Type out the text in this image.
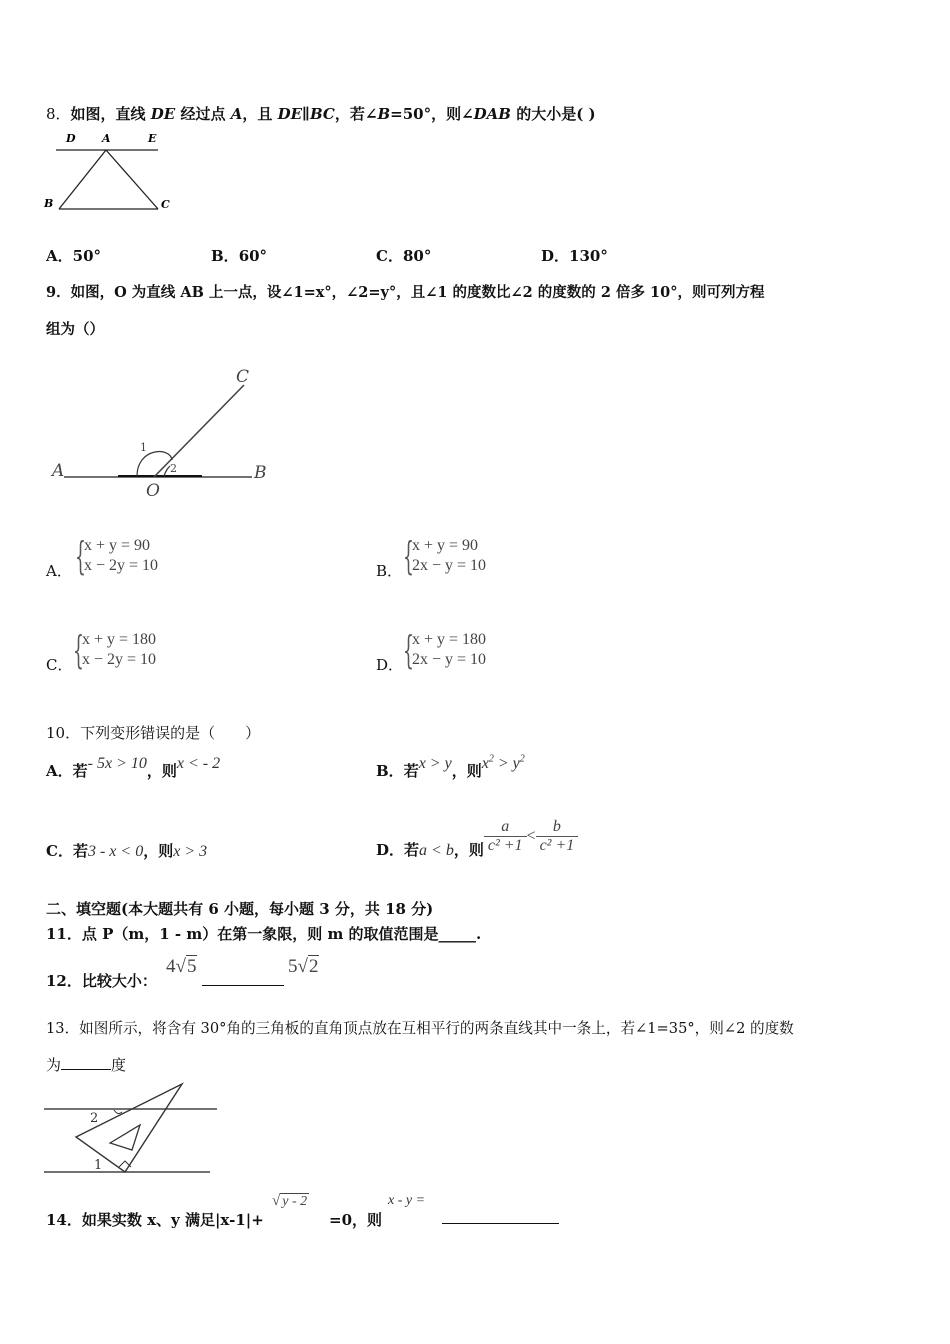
8．如图，直线 DE 经过点 A，且 DE∥BC，若∠B=50°，则∠DAB 的大小是( )
D A	E
B	C
A．50°	B．60°	C．80°	D．130°
9．如图，O 为直线 AB 上一点，设∠1=x°，∠2=y°，且∠1 的度数比∠2 的度数的 2 倍多 10°，则可列方程
组为（）
A	B
C
O
1
2
A． {
x + y = 90
x − 2y = 10	B． {
x + y = 90
2x − y = 10
C． {
x + y = 180
x − 2y = 10	D． {
x + y = 180
2x − y = 10
10．下列变形错误的是（　　）
A．若- 5x > 10，则x < - 2	B．若x > y，则$x^2 > y^2$
C．若3 - x < 0，则x > 3	D．若a < b，则 $\frac{a}{\text{c² +1}} < \frac{b}{\text{c² +1}}$
二、填空题(本大题共有 6 小题，每小题 3 分，共 18 分)
11．点 P（m，1 - m）在第一象限，则 m 的取值范围是_____.
12．比较大小：
4√5	5√2
13．如图所示，将含有 30°角的三角板的直角顶点放在互相平行的两条直线其中一条上，若∠1=35°，则∠2 的度数
为	度
2
1
14．如果实数 x、y 满足|x-1|+
√ y - 2
=0，则
x - y =
